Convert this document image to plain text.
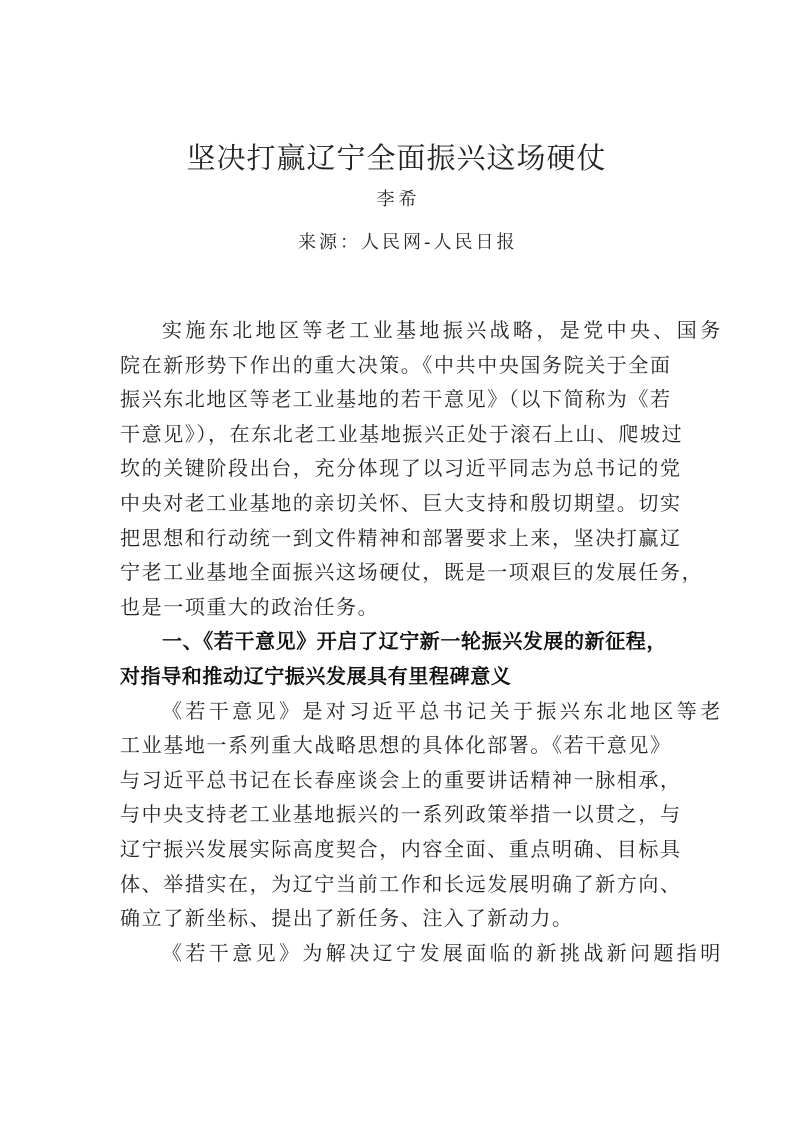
坚决打赢辽宁全面振兴这场硬仗
李希
来源：人民网-人民日报
实施东北地区等老工业基地振兴战略，是党中央、国务
院在新形势下作出的重大决策。《中共中央国务院关于全面
振兴东北地区等老工业基地的若干意见》（以下简称为《若
干意见》），在东北老工业基地振兴正处于滚石上山、爬坡过
坎的关键阶段出台，充分体现了以习近平同志为总书记的党
中央对老工业基地的亲切关怀、巨大支持和殷切期望。切实
把思想和行动统一到文件精神和部署要求上来，坚决打赢辽
宁老工业基地全面振兴这场硬仗，既是一项艰巨的发展任务，
也是一项重大的政治任务。
一、《若干意见》开启了辽宁新一轮振兴发展的新征程，
对指导和推动辽宁振兴发展具有里程碑意义
《若干意见》是对习近平总书记关于振兴东北地区等老
工业基地一系列重大战略思想的具体化部署。《若干意见》
与习近平总书记在长春座谈会上的重要讲话精神一脉相承，
与中央支持老工业基地振兴的一系列政策举措一以贯之，与
辽宁振兴发展实际高度契合，内容全面、重点明确、目标具
体、举措实在，为辽宁当前工作和长远发展明确了新方向、
确立了新坐标、提出了新任务、注入了新动力。
《若干意见》为解决辽宁发展面临的新挑战新问题指明
